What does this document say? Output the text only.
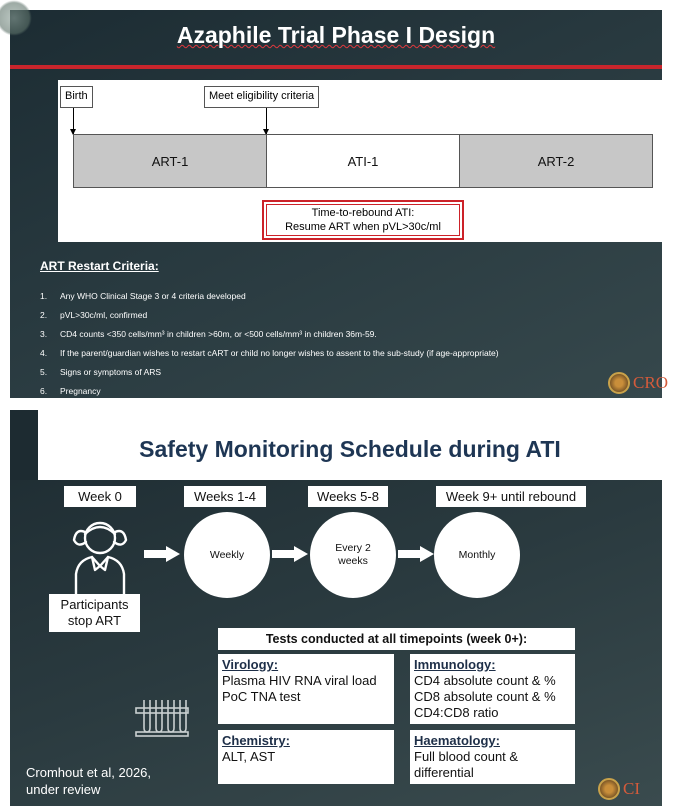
Azaphile Trial Phase I Design
Birth	Meet eligibility criteria
ART-1	ATI-1	ART-2
Time-to-rebound ATI:
Resume ART when pVL>30c/ml
ART Restart Criteria:
1.	Any WHO Clinical Stage 3 or 4 criteria developed
2.	pVL>30c/ml, confirmed
3.	CD4 counts <350 cells/mm³ in children >60m, or <500 cells/mm³ in children 36m-59.
4.	If the parent/guardian wishes to restart cART or child no longer wishes to assent to the sub-study (if age-appropriate)
5.	Signs or symptoms of ARS
6.	Pregnancy	CRO
Safety Monitoring Schedule during ATI
Week 0	Weeks 1-4	Weeks 5-8	Week 9+ until rebound
Participants
stop ART
Weekly
Every 2 weeks
Monthly
Tests conducted at all timepoints (week 0+):
Virology:
Plasma HIV RNA viral load
PoC TNA test
Immunology:
CD4 absolute count & %
CD8 absolute count & %
CD4:CD8 ratio
Chemistry:
ALT, AST
Haematology:
Full blood count &
differential
Cromhout et al, 2026,
under review	CI
